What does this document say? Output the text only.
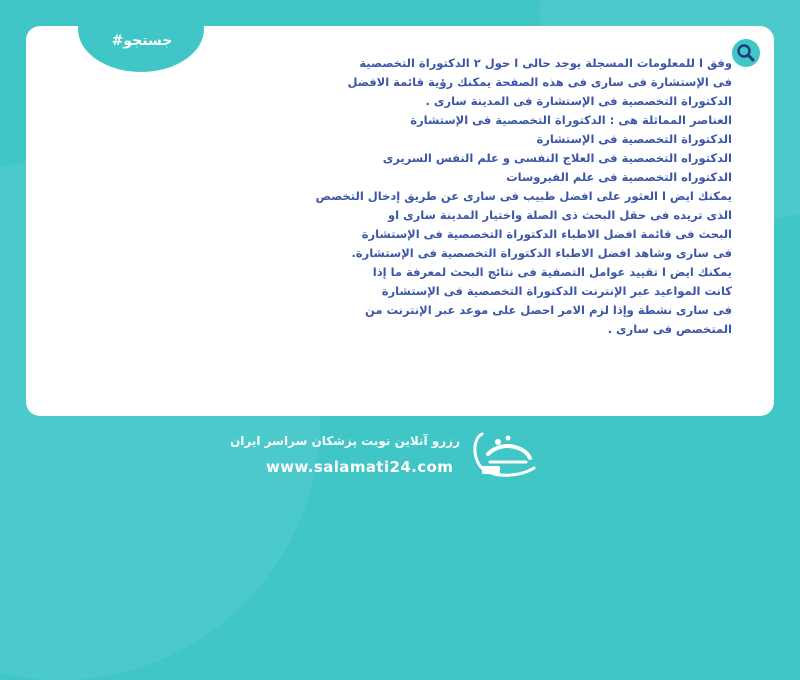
#جستجو
وفق ا للمعلومات المسجلة يوجد حالى ا حول ٢ الدکتوراة التخصصية
فی الإستشارة فی ساری فی هذه الصفحة يمكنك رؤية قائمة الافضل
الدکتوراة التخصصية فی الإستشارة فی المدينة ساری .
العناصر المماثلة هی : الدکتوراة التخصصية فی الإستشارة
الدکتوراة التخصصية فی الإستشارة
الدکتوراه التخصصية فی العلاج النفسی و علم النفس السريری
الدکتوراه التخصصية فی علم الفيروسات
يمكنك ايض ا العثور علی افضل طبيب فی ساری عن طريق إدخال التخصص
الذی تريده فی حقل البحث ذی الصلة واختيار المدينة ساری او
البحث فی قائمة افضل الاطباء الدکتوراة التخصصية فی الإستشارة
فی ساری وشاهد افضل الاطباء الدکتوراة التخصصية فی الإستشارة.
يمكنك ايض ا تقييد عوامل التصفية فی نتائج البحث لمعرفة ما إذا
كانت المواعيد عبر الإنترنت الدکتوراة التخصصية فی الإستشارة
فی ساری نشطة وإذا لزم الامر احصل علی موعد عبر الإنترنت من
المتخصص فی ساری .
رزرو آنلاین نوبت پزشکان سراسر ایران
www.salamati24.com
